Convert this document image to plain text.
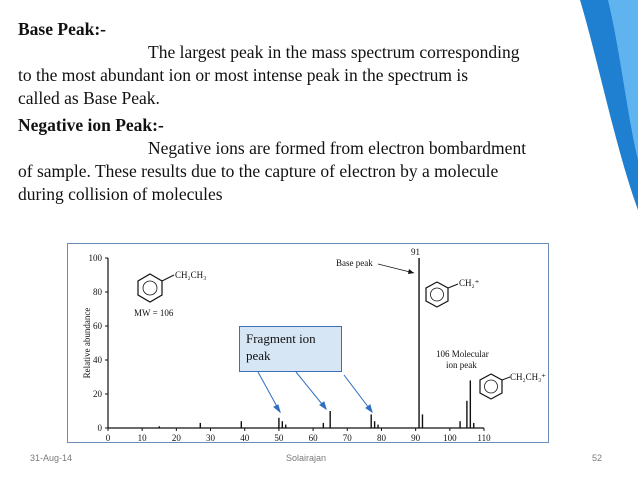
Base Peak:-

The largest peak in the mass spectrum corresponding

to the most abundant ion or most intense peak in the spectrum is

called as Base Peak.

Negative ion Peak:-

Negative ions are formed from electron bombardment

of sample. These results due to the capture of electron by a molecule

during collision of molecules

0
20
40
60
80
100
0	10	20	30	40	50	60	70	80	90	100 110
Relative abundance
CH₂CH₃
MW = 106
CH₂⁺
Base peak
91
106 Molecular
ion peak
CH₂CH₃⁺
Fragment ion
peak
31-Aug-14	Solairajan	52
